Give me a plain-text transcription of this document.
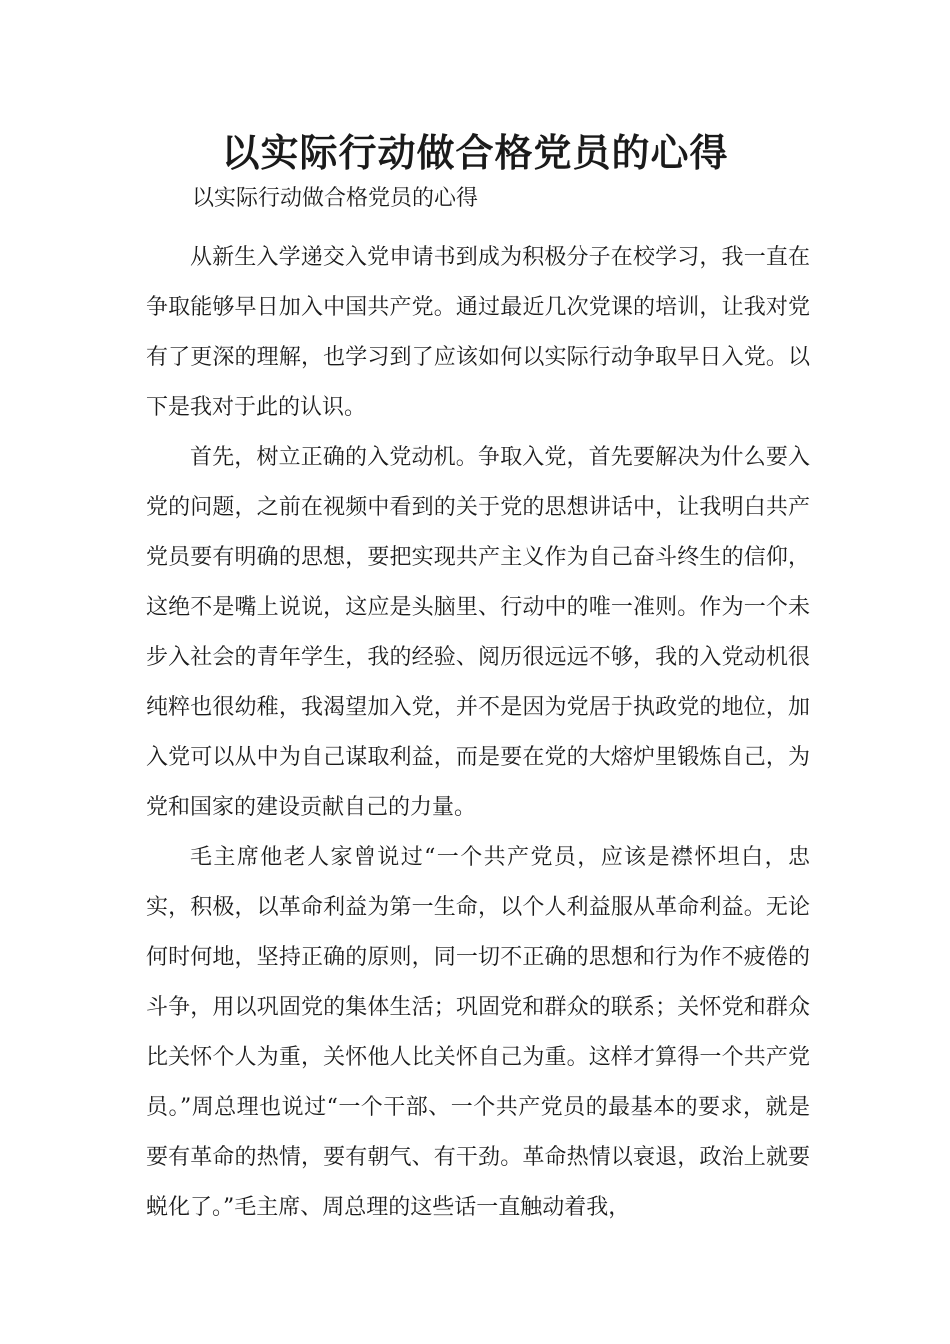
以实际行动做合格党员的心得

以实际行动做合格党员的心得

从新生入学递交入党申请书到成为积极分子在校学习，我一直在争取能够早日加入中国共产党。通过最近几次党课的培训，让我对党有了更深的理解，也学习到了应该如何以实际行动争取早日入党。以下是我对于此的认识。

首先，树立正确的入党动机。争取入党，首先要解决为什么要入党的问题，之前在视频中看到的关于党的思想讲话中，让我明白共产党员要有明确的思想，要把实现共产主义作为自己奋斗终生的信仰，这绝不是嘴上说说，这应是头脑里、行动中的唯一准则。作为一个未步入社会的青年学生，我的经验、阅历很远远不够，我的入党动机很纯粹也很幼稚，我渴望加入党，并不是因为党居于执政党的地位，加入党可以从中为自己谋取利益，而是要在党的大熔炉里锻炼自己，为党和国家的建设贡献自己的力量。

毛主席他老人家曾说过“一个共产党员，应该是襟怀坦白，忠实，积极，以革命利益为第一生命，以个人利益服从革命利益。无论何时何地，坚持正确的原则，同一切不正确的思想和行为作不疲倦的斗争，用以巩固党的集体生活；巩固党和群众的联系；关怀党和群众比关怀个人为重，关怀他人比关怀自己为重。这样才算得一个共产党员。”周总理也说过“一个干部、一个共产党员的最基本的要求，就是要有革命的热情，要有朝气、有干劲。革命热情以衰退，政治上就要蜕化了。”毛主席、周总理的这些话一直触动着我，
